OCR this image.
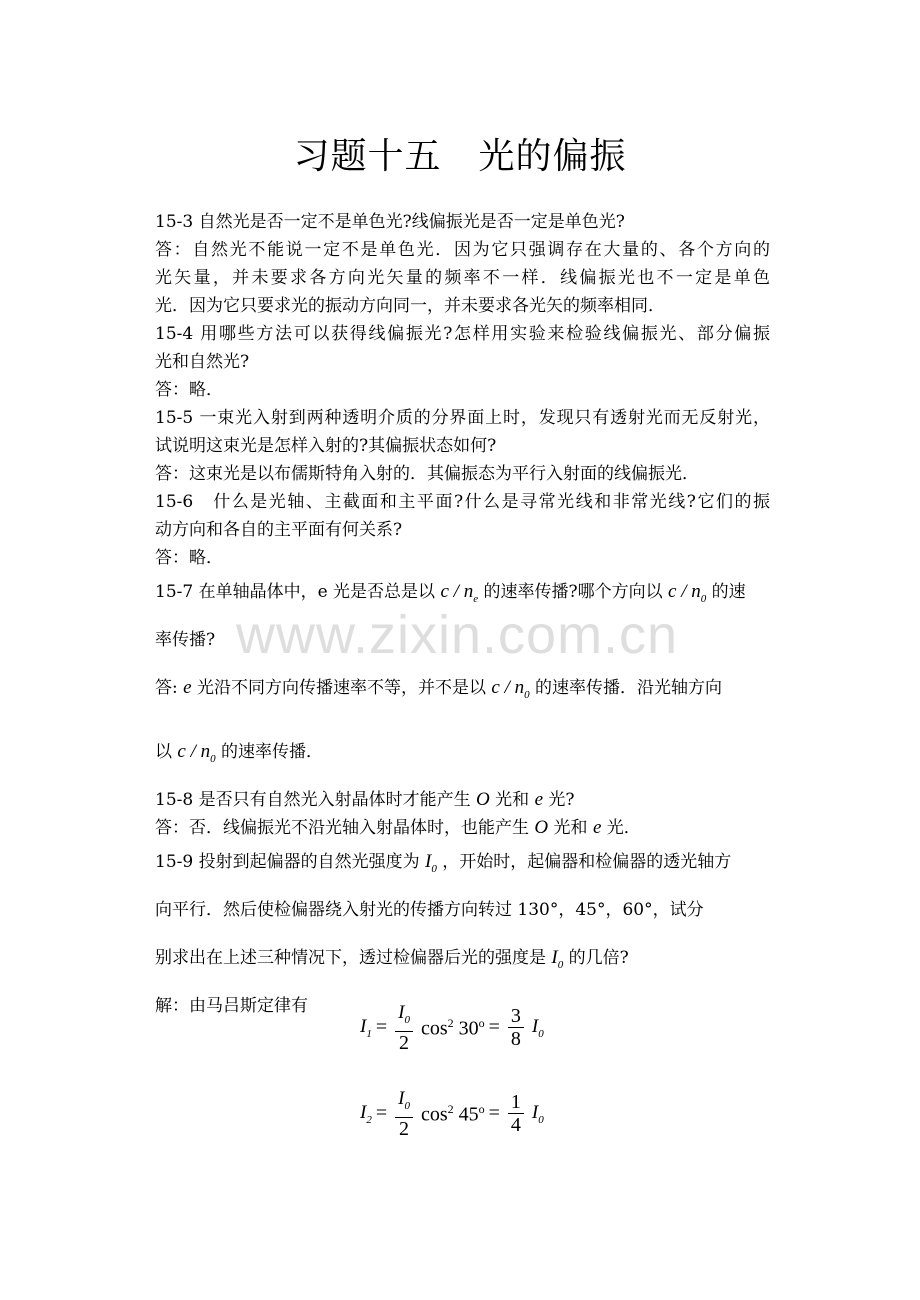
习题十五　光的偏振
15-3 自然光是否一定不是单色光?线偏振光是否一定是单色光?
答：自然光不能说一定不是单色光．因为它只强调存在大量的、各个方向的
光矢量，并未要求各方向光矢量的频率不一样．线偏振光也不一定是单色
光．因为它只要求光的振动方向同一，并未要求各光矢的频率相同．
15-4 用哪些方法可以获得线偏振光?怎样用实验来检验线偏振光、部分偏振
光和自然光?
答：略．
15-5 一束光入射到两种透明介质的分界面上时，发现只有透射光而无反射光，
试说明这束光是怎样入射的?其偏振状态如何?
答：这束光是以布儒斯特角入射的．其偏振态为平行入射面的线偏振光．
15-6　什么是光轴、主截面和主平面?什么是寻常光线和非常光线?它们的振
动方向和各自的主平面有何关系?
答：略．
15-7 在单轴晶体中，e 光是否总是以 c / $n_e$ 的速率传播?哪个方向以 c / $n_0$ 的速
率传播?
答: e 光沿不同方向传播速率不等，并不是以 c / $n_0$ 的速率传播．沿光轴方向
以 c / $n_0$ 的速率传播．
15-8 是否只有自然光入射晶体时才能产生 O 光和 e 光?
答：否．线偏振光不沿光轴入射晶体时，也能产生 O 光和 e 光．
15-9 投射到起偏器的自然光强度为 $I_0$ ，开始时，起偏器和检偏器的透光轴方
向平行．然后使检偏器绕入射光的传播方向转过 130°，45°，60°，试分
别求出在上述三种情况下，透过检偏器后光的强度是 $I_0$ 的几倍?
解：由马吕斯定律有
$I_1 = \frac{I_0}{2} \cos^2 30^o = \frac{3}{8} I_0$
$I_2 = \frac{I_0}{2} \cos^2 45^o = \frac{1}{4} I_0$
www.zixin.com.cn
